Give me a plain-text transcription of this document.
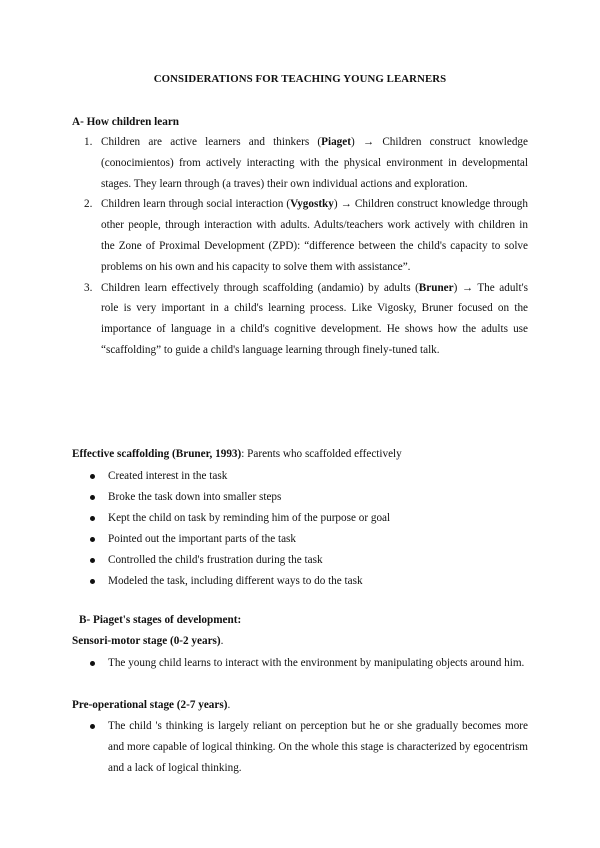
CONSIDERATIONS FOR TEACHING YOUNG LEARNERS
A- How children learn
1. Children are active learners and thinkers (Piaget) → Children construct knowledge (conocimientos) from actively interacting with the physical environment in developmental stages. They learn through (a traves) their own individual actions and exploration.
2. Children learn through social interaction (Vygostky) → Children construct knowledge through other people, through interaction with adults. Adults/teachers work actively with children in the Zone of Proximal Development (ZPD): “difference between the child's capacity to solve problems on his own and his capacity to solve them with assistance”.
3. Children learn effectively through scaffolding (andamio) by adults (Bruner) → The adult's role is very important in a child's learning process. Like Vigosky, Bruner focused on the importance of language in a child's cognitive development. He shows how the adults use “scaffolding” to guide a child's language learning through finely-tuned talk.
Effective scaffolding (Bruner, 1993): Parents who scaffolded effectively
Created interest in the task
Broke the task down into smaller steps
Kept the child on task by reminding him of the purpose or goal
Pointed out the important parts of the task
Controlled the child's frustration during the task
Modeled the task, including different ways to do the task
B- Piaget's stages of development:
Sensori-motor stage (0-2 years).
The young child learns to interact with the environment by manipulating objects around him.
Pre-operational stage (2-7 years).
The child 's thinking is largely reliant on perception but he or she gradually becomes more and more capable of logical thinking. On the whole this stage is characterized by egocentrism and a lack of logical thinking.
